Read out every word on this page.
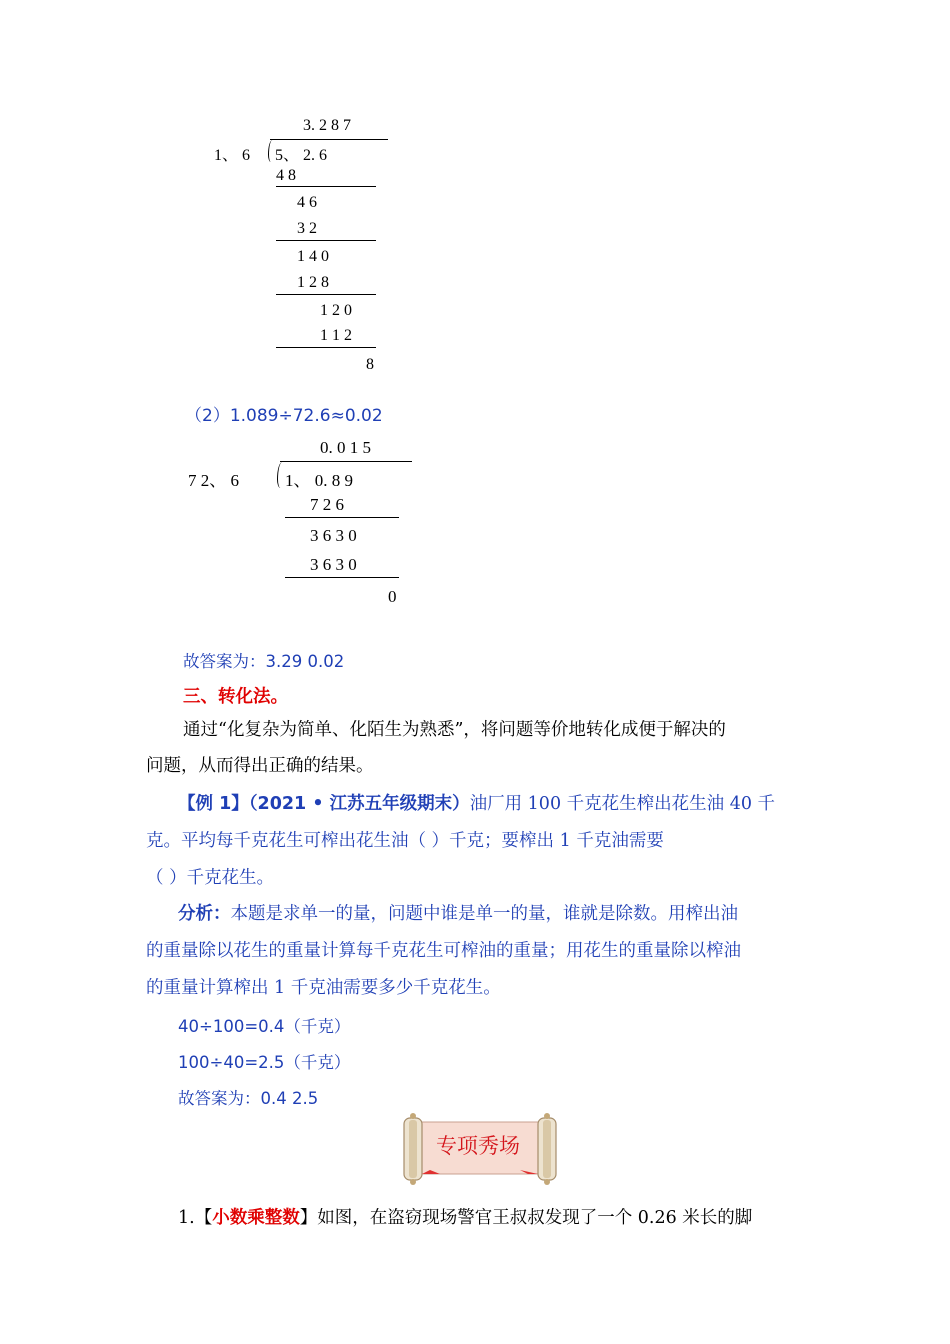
3. 2 8 7
1、 6 5、 2. 6
4 8
4 6
3 2
1 4 0
1 2 8
1 2 0
1 1 2
8
（2）1.089÷72.6≈0.02
0. 0 1 5
7 2、 6	1、 0. 8 9
7 2 6
3 6 3 0
3 6 3 0
0
故答案为：3.29 0.02
三、转化法。
通过“化复杂为简单、化陌生为熟悉”，将问题等价地转化成便于解决的
问题，从而得出正确的结果。
【例 1】（2021 • 江苏五年级期末）油厂用 100 千克花生榨出花生油 40 千
克。平均每千克花生可榨出花生油（ ）千克；要榨出 1 千克油需要
（ ）千克花生。
分析：本题是求单一的量，问题中谁是单一的量，谁就是除数。用榨出油
的重量除以花生的重量计算每千克花生可榨油的重量；用花生的重量除以榨油
的重量计算榨出 1 千克油需要多少千克花生。
40÷100=0.4（千克）
100÷40=2.5（千克）
故答案为：0.4 2.5
专项秀场
1.【小数乘整数】如图，在盗窃现场警官王叔叔发现了一个 0.26 米长的脚
